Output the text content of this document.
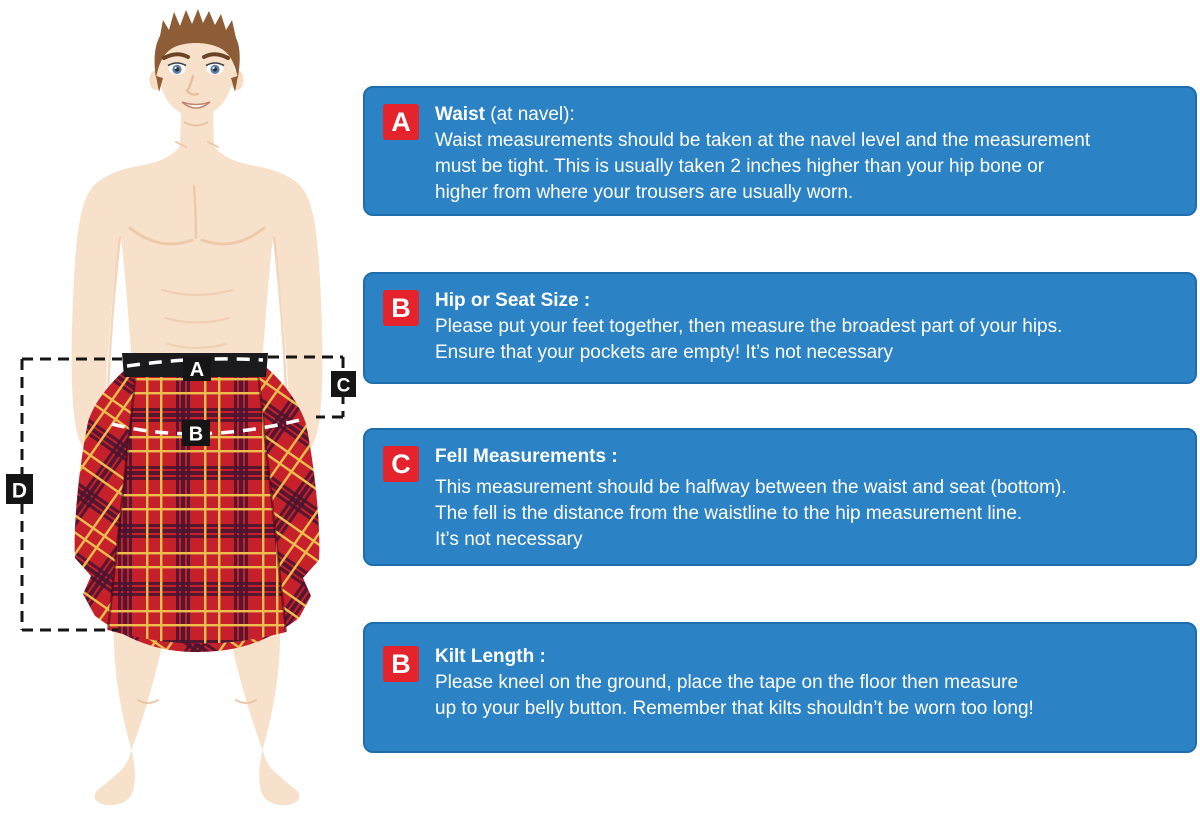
A
B
C
D
A	Waist (at navel):
Waist measurements should be taken at the navel level and the measurement
must be tight. This is usually taken 2 inches higher than your hip bone or
higher from where your trousers are usually worn.
B	Hip or Seat Size :
Please put your feet together, then measure the broadest part of your hips.
Ensure that your pockets are empty! It’s not necessary
C	Fell Measurements :
This measurement should be halfway between the waist and seat (bottom).
The fell is the distance from the waistline to the hip measurement line.
It’s not necessary
B	Kilt Length :
Please kneel on the ground, place the tape on the floor then measure
up to your belly button. Remember that kilts shouldn’t be worn too long!
